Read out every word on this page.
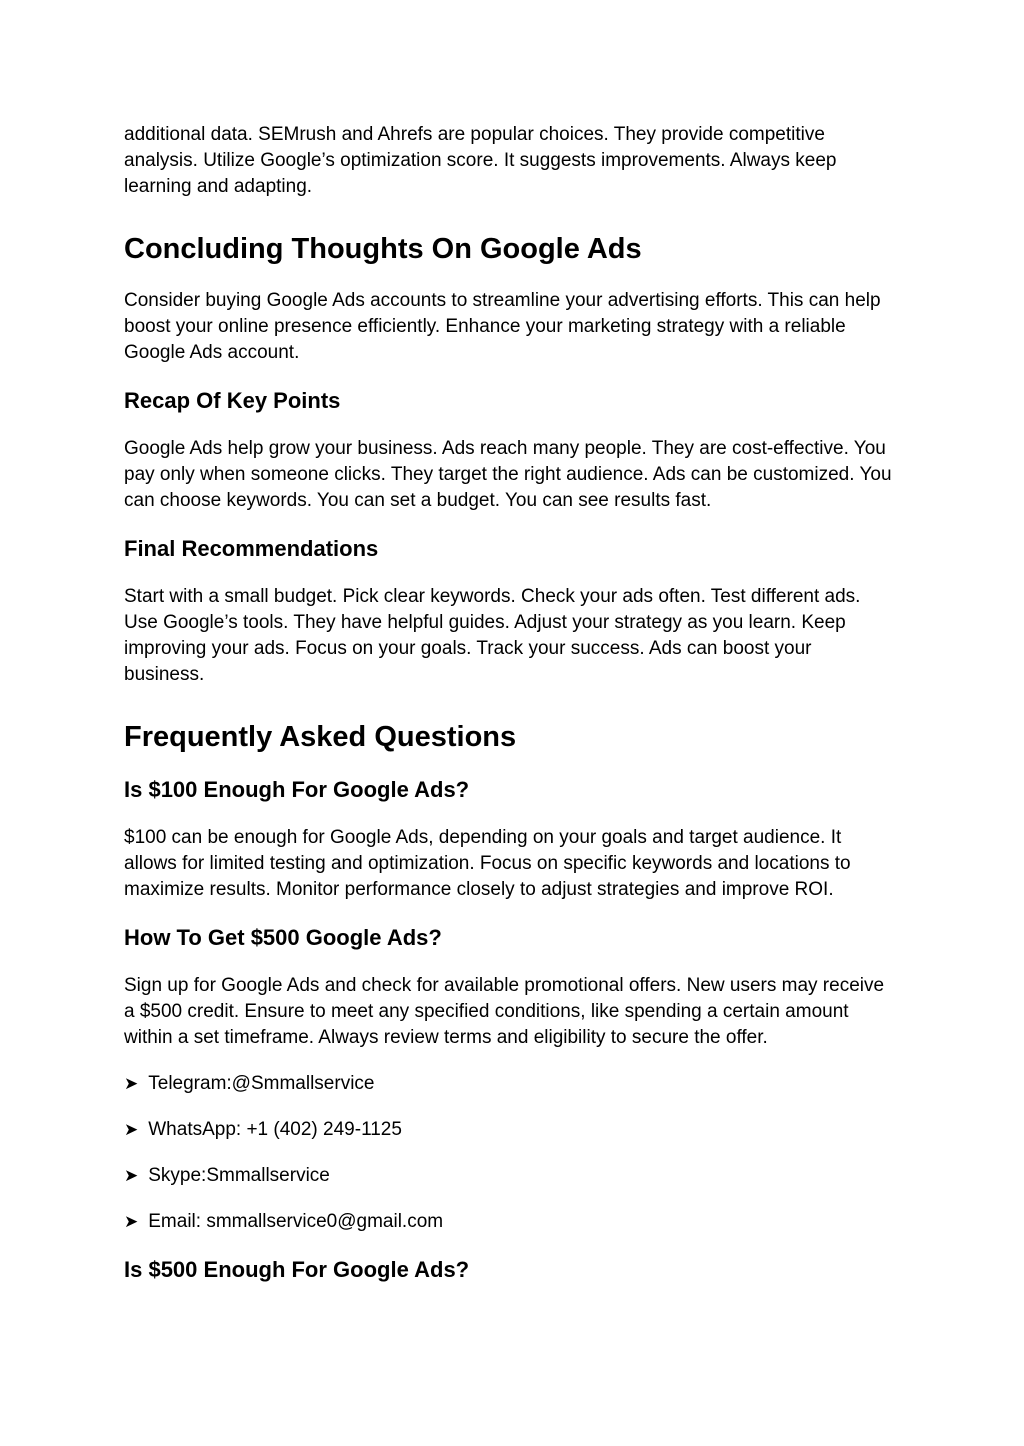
additional data. SEMrush and Ahrefs are popular choices. They provide competitive analysis. Utilize Google’s optimization score. It suggests improvements. Always keep learning and adapting.

Concluding Thoughts On Google Ads

Consider buying Google Ads accounts to streamline your advertising efforts. This can help boost your online presence efficiently. Enhance your marketing strategy with a reliable Google Ads account.

Recap Of Key Points

Google Ads help grow your business. Ads reach many people. They are cost-effective. You pay only when someone clicks. They target the right audience. Ads can be customized. You can choose keywords. You can set a budget. You can see results fast.

Final Recommendations

Start with a small budget. Pick clear keywords. Check your ads often. Test different ads. Use Google’s tools. They have helpful guides. Adjust your strategy as you learn. Keep improving your ads. Focus on your goals. Track your success. Ads can boost your business.

Frequently Asked Questions
Is $100 Enough For Google Ads?

$100 can be enough for Google Ads, depending on your goals and target audience. It allows for limited testing and optimization. Focus on specific keywords and locations to maximize results. Monitor performance closely to adjust strategies and improve ROI.

How To Get $500 Google Ads?

Sign up for Google Ads and check for available promotional offers. New users may receive a $500 credit. Ensure to meet any specified conditions, like spending a certain amount within a set timeframe. Always review terms and eligibility to secure the offer.

➤ Telegram:@Smmallservice
➤ WhatsApp: +1 (402) 249-1125
➤ Skype:Smmallservice
➤ Email: smmallservice0@gmail.com
Is $500 Enough For Google Ads?
